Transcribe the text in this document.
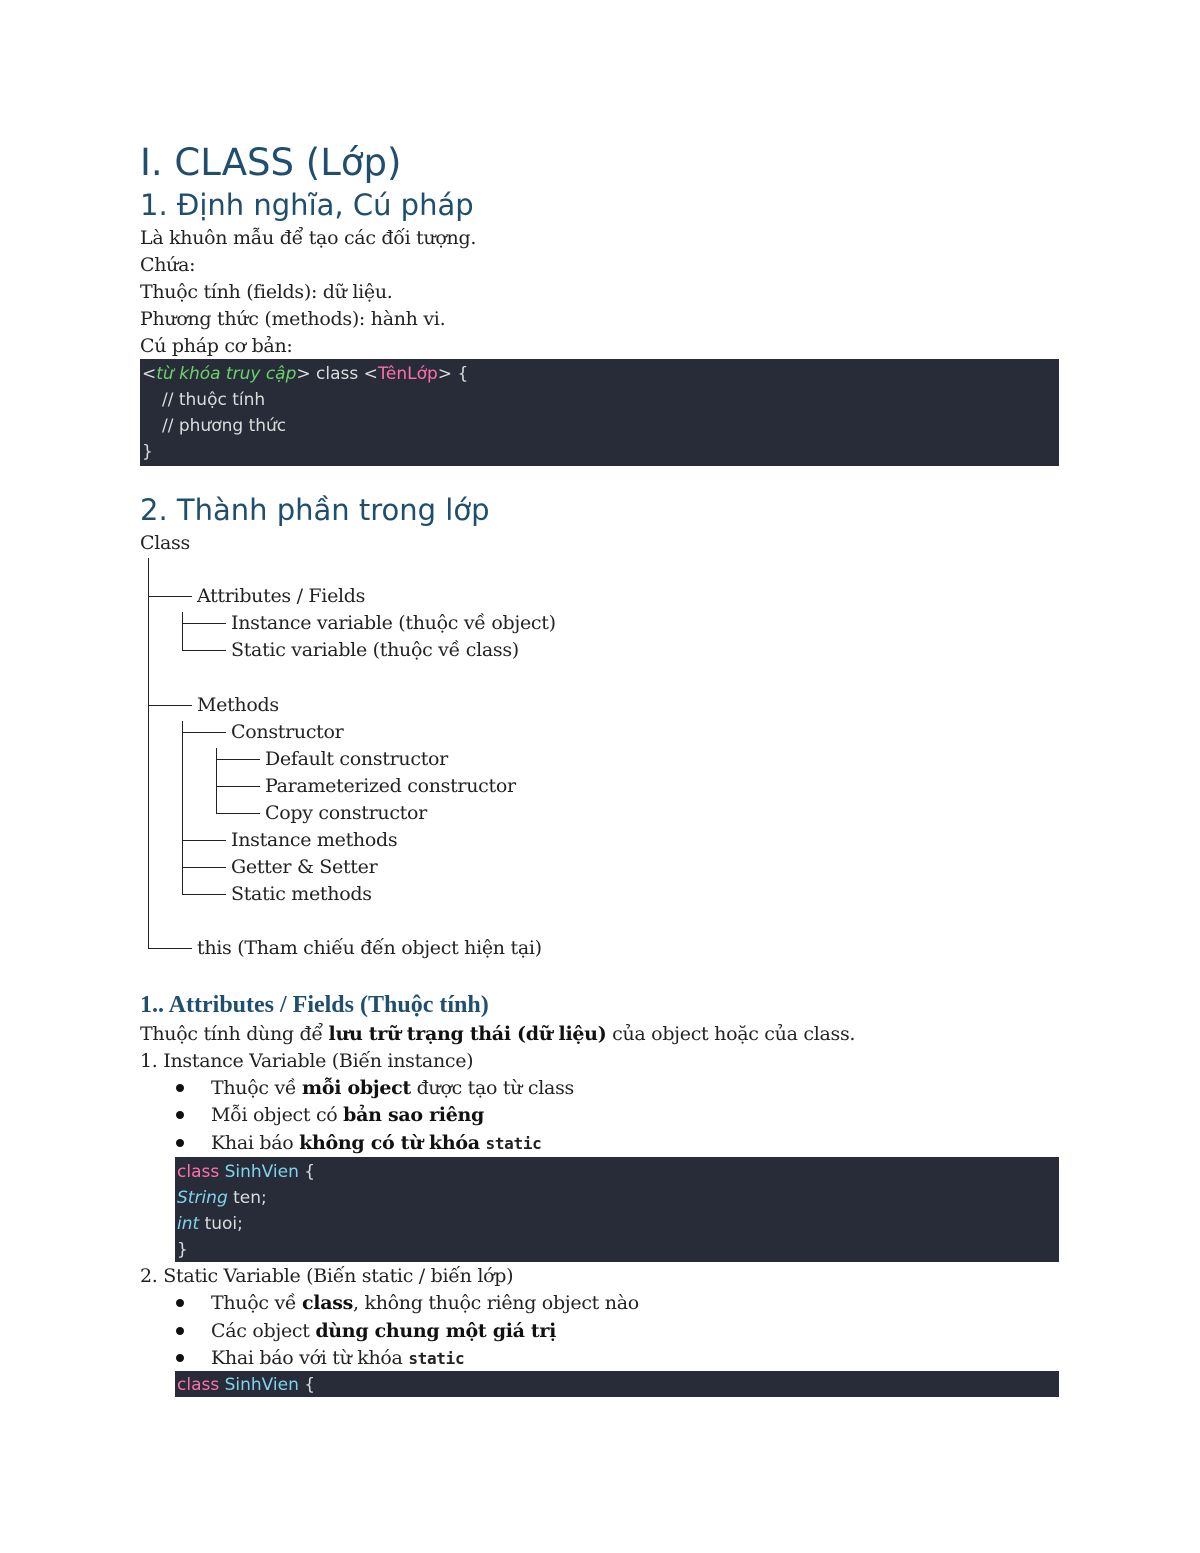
I. CLASS (Lớp)
1. Định nghĩa, Cú pháp
Là khuôn mẫu để tạo các đối tượng.
Chứa:
Thuộc tính (fields): dữ liệu.
Phương thức (methods): hành vi.
Cú pháp cơ bản:
<từ khóa truy cập> class <TênLớp> {
// thuộc tính
// phương thức
}
2. Thành phần trong lớp
Class
Attributes / Fields
Instance variable (thuộc về object)
Static variable (thuộc về class)
Methods
Constructor
Default constructor
Parameterized constructor
Copy constructor
Instance methods
Getter & Setter
Static methods
this (Tham chiếu đến object hiện tại)
1.. Attributes / Fields (Thuộc tính)
Thuộc tính dùng để lưu trữ trạng thái (dữ liệu) của object hoặc của class.
1. Instance Variable (Biến instance)
Thuộc về mỗi object được tạo từ class
Mỗi object có bản sao riêng
Khai báo không có từ khóa static
class SinhVien {
String ten;
int tuoi;
}
2. Static Variable (Biến static / biến lớp)
Thuộc về class, không thuộc riêng object nào
Các object dùng chung một giá trị
Khai báo với từ khóa static
class SinhVien {
